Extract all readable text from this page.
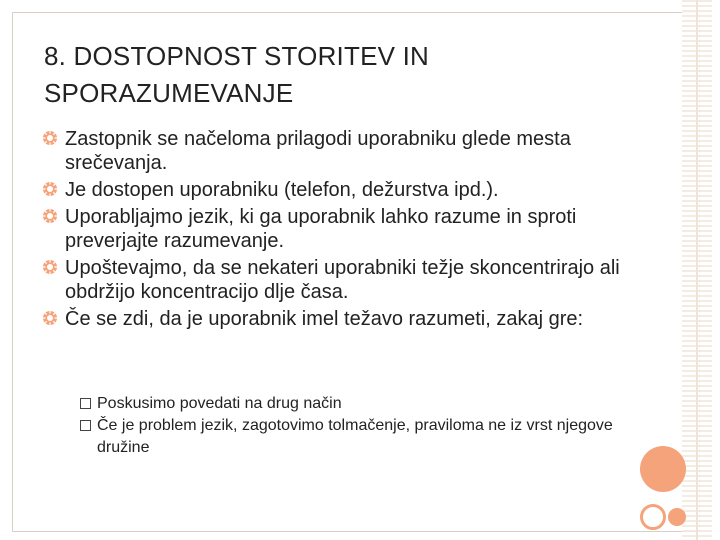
8. DOSTOPNOST STORITEV IN
SPORAZUMEVANJE
Zastopnik se načeloma prilagodi uporabniku glede mesta srečevanja.
Je dostopen uporabniku (telefon, dežurstva ipd.).
Uporabljajmo jezik, ki ga uporabnik lahko razume in sproti preverjajte razumevanje.
Upoštevajmo, da se nekateri uporabniki težje skoncentrirajo ali obdržijo koncentracijo dlje časa.
Če se zdi, da je uporabnik imel težavo razumeti, zakaj gre:
Poskusimo povedati na drug način
Če je problem jezik, zagotovimo tolmačenje, praviloma ne iz vrst njegove družine
